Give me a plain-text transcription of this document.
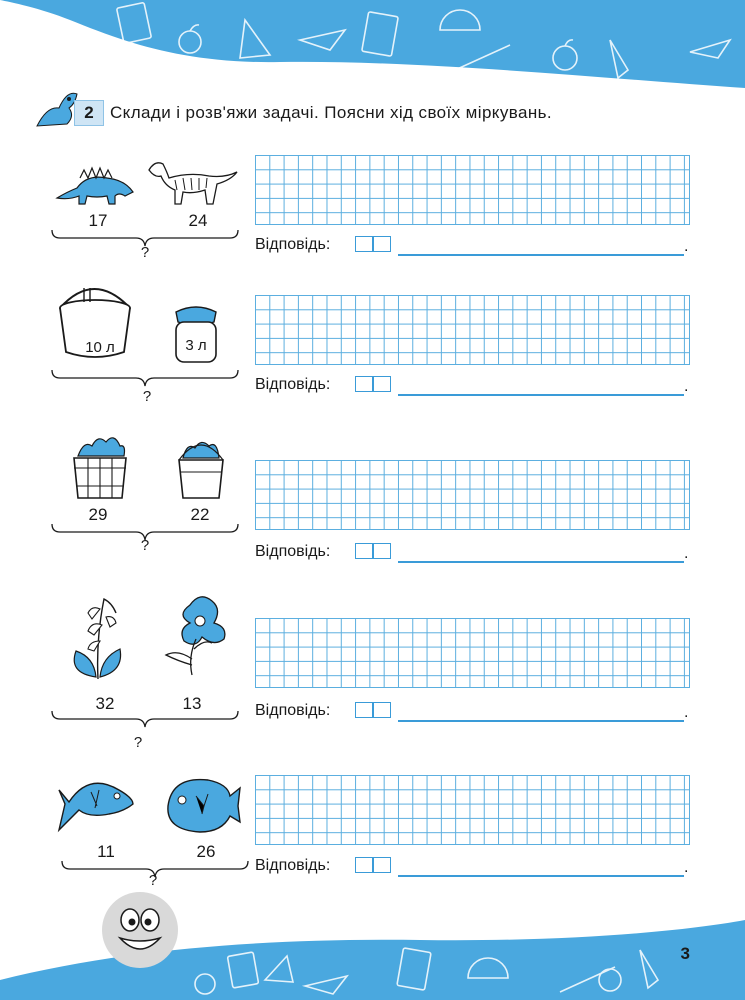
2 Склади і розв'яжи задачі. Поясни хід своїх міркувань.
17	24
?	Відповідь:	.
10 л	3 л
?
Відповідь:	.
29	22
?	Відповідь:	.
32	13
?
Відповідь:	.
11	26
?
Відповідь:	.
3
